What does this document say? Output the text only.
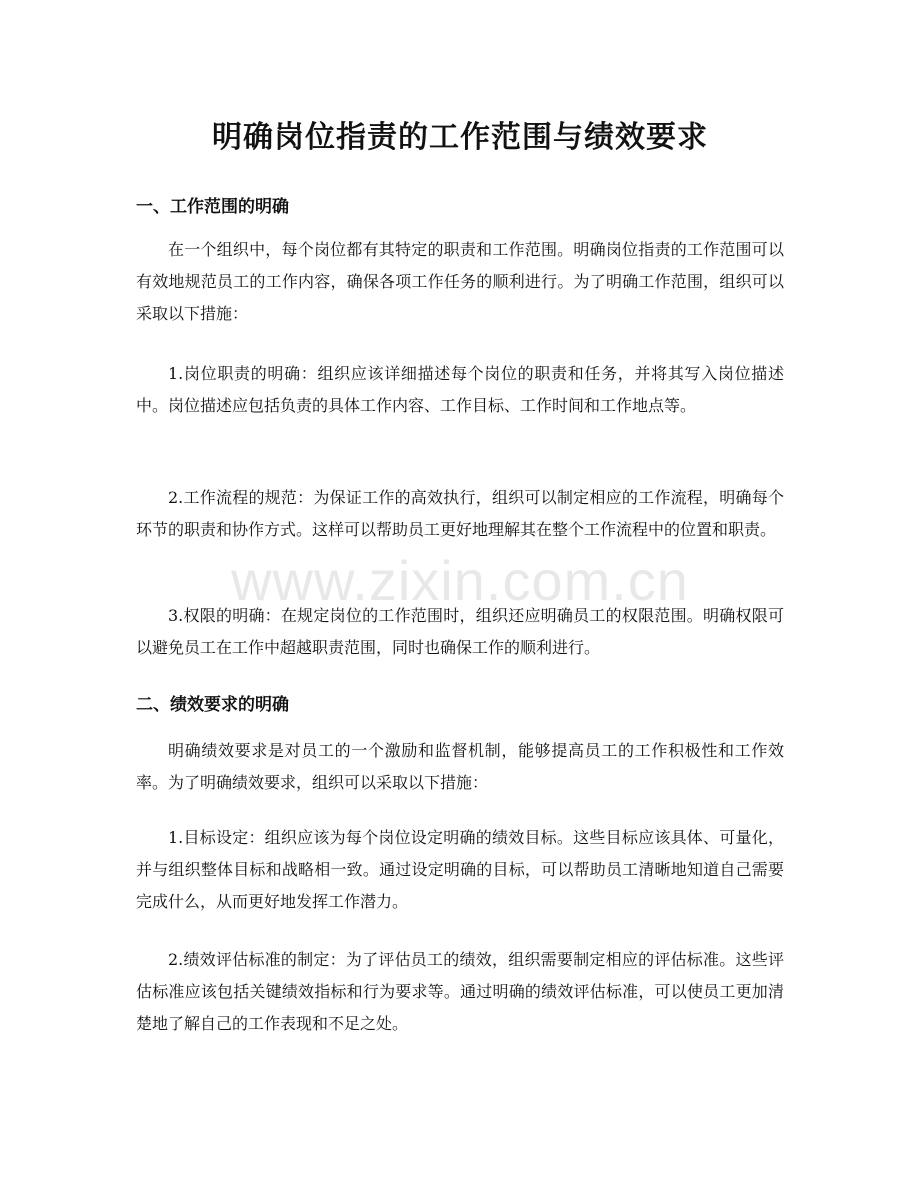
明确岗位指责的工作范围与绩效要求
一、工作范围的明确

在一个组织中，每个岗位都有其特定的职责和工作范围。明确岗位指责的工作范围可以有效地规范员工的工作内容，确保各项工作任务的顺利进行。为了明确工作范围，组织可以采取以下措施：

1.岗位职责的明确：组织应该详细描述每个岗位的职责和任务，并将其写入岗位描述中。岗位描述应包括负责的具体工作内容、工作目标、工作时间和工作地点等。

2.工作流程的规范：为保证工作的高效执行，组织可以制定相应的工作流程，明确每个环节的职责和协作方式。这样可以帮助员工更好地理解其在整个工作流程中的位置和职责。

3.权限的明确：在规定岗位的工作范围时，组织还应明确员工的权限范围。明确权限可以避免员工在工作中超越职责范围，同时也确保工作的顺利进行。

二、绩效要求的明确

明确绩效要求是对员工的一个激励和监督机制，能够提高员工的工作积极性和工作效率。为了明确绩效要求，组织可以采取以下措施：

1.目标设定：组织应该为每个岗位设定明确的绩效目标。这些目标应该具体、可量化，并与组织整体目标和战略相一致。通过设定明确的目标，可以帮助员工清晰地知道自己需要完成什么，从而更好地发挥工作潜力。

2.绩效评估标准的制定：为了评估员工的绩效，组织需要制定相应的评估标准。这些评估标准应该包括关键绩效指标和行为要求等。通过明确的绩效评估标准，可以使员工更加清楚地了解自己的工作表现和不足之处。

www.zixin.com.cn
